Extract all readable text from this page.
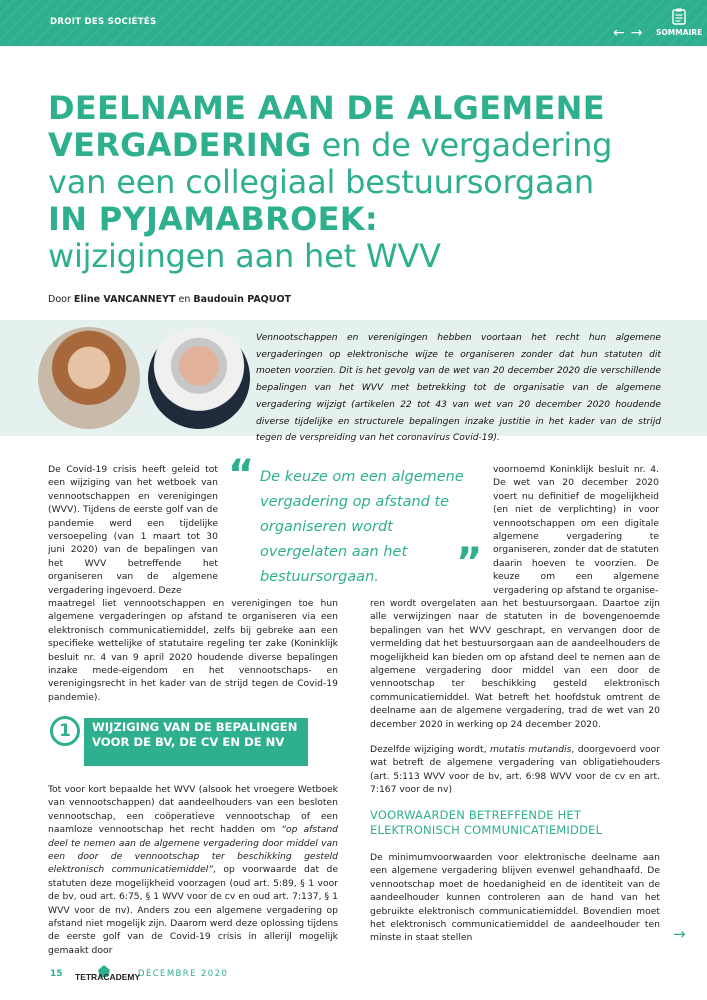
DROIT DES SOCIÉTÉS
← → SOMMAIRE
DEELNAME AAN DE ALGEMENE
VERGADERING en de vergadering
van een collegiaal bestuursorgaan
IN PYJAMABROEK:
wijzigingen aan het WVV
Door Eline VANCANNEYT en Baudouin PAQUOT

Vennootschappen en verenigingen hebben voortaan het recht hun algemene vergaderingen op elektronische wijze te organiseren zonder dat hun statuten dit moeten voorzien. Dit is het gevolg van de wet van 20 december 2020 die verschillende bepalingen van het WVV met betrekking tot de organisatie van de algemene vergadering wijzigt (artikelen 22 tot 43 van wet van 20 december 2020 houdende diverse tijdelijke en structurele bepalingen inzake justitie in het kader van de strijd tegen de verspreiding van het coronavirus Covid-19).

De Covid-19 crisis heeft geleid tot een wijziging van het wetboek van vennootschappen en verenigingen (WVV). Tijdens de eerste golf van de pandemie werd een tijdelijke versoepeling (van 1 maart tot 30 juni 2020) van de bepalingen van het WVV betreffende het organiseren van de algemene vergadering ingevoerd. Deze

“ De keuze om een algemene vergadering op afstand te organiseren wordt overgelaten aan het bestuursorgaan.	”

voornoemd Koninklijk besluit nr. 4. De wet van 20 december 2020 voert nu definitief de mogelijkheid (en niet de verplichting) in voor vennootschappen om een digitale algemene vergadering te organiseren, zonder dat de statuten daarin hoeven te voorzien. De keuze om een algemene vergadering op afstand te organise-

maatregel liet vennootschappen en verenigingen toe hun algemene vergaderingen op afstand te organiseren via een elektronisch communicatiemiddel, zelfs bij gebreke aan een specifieke wettelijke of statutaire regeling ter zake (Koninklijk besluit nr. 4 van 9 april 2020 houdende diverse bepalingen inzake mede-eigendom en het vennootschaps- en verenigingsrecht in het kader van de strijd tegen de Covid-19 pandemie).

ren wordt overgelaten aan het bestuursorgaan. Daartoe zijn alle verwijzingen naar de statuten in de bovengenoemde bepalingen van het WVV geschrapt, en vervangen door de vermelding dat het bestuursorgaan aan de aandeelhouders de mogelijkheid kan bieden om op afstand deel te nemen aan de algemene vergadering door middel van een door de vennootschap ter beschikking gesteld elektronisch communicatiemiddel. Wat betreft het hoofdstuk omtrent de deelname aan de algemene vergadering, trad de wet van 20 december 2020 in werking op 24 december 2020.

Dezelfde wijziging wordt, mutatis mutandis, doorgevoerd voor wat betreft de algemene vergadering van obligatiehouders (art. 5:113 WVV voor de bv, art. 6:98 WVV voor de cv en art. 7:167 voor de nv)

1	WIJZIGING VAN DE BEPALINGEN VOOR DE BV, DE CV EN DE NV

Tot voor kort bepaalde het WVV (alsook het vroegere Wetboek van vennootschappen) dat aandeelhouders van een besloten vennootschap, een coöperatieve vennootschap of een naamloze vennootschap het recht hadden om “op afstand deel te nemen aan de algemene vergadering door middel van een door de vennootschap ter beschikking gesteld elektronisch communicatiemiddel”, op voorwaarde dat de statuten deze mogelijkheid voorzagen (oud art. 5:89, § 1 voor de bv, oud art. 6:75, § 1 WVV voor de cv en oud art. 7:137, § 1 WVV voor de nv). Anders zou een algemene vergadering op afstand niet mogelijk zijn. Daarom werd deze oplossing tijdens de eerste golf van de Covid-19 crisis in allerijl mogelijk gemaakt door

VOORWAARDEN BETREFFENDE HET ELEKTRONISCH COMMUNICATIEMIDDEL

De minimumvoorwaarden voor elektronische deelname aan een algemene vergadering blijven evenwel gehandhaafd. De vennootschap moet de hoedanigheid en de identiteit van de aandeelhouder kunnen controleren aan de hand van het gebruikte elektronisch communicatiemiddel. Bovendien moet het elektronisch communicatiemiddel de aandeelhouder ten minste in staat stellen	→
15 TETRACADEMY
DÉCEMBRE 2020
